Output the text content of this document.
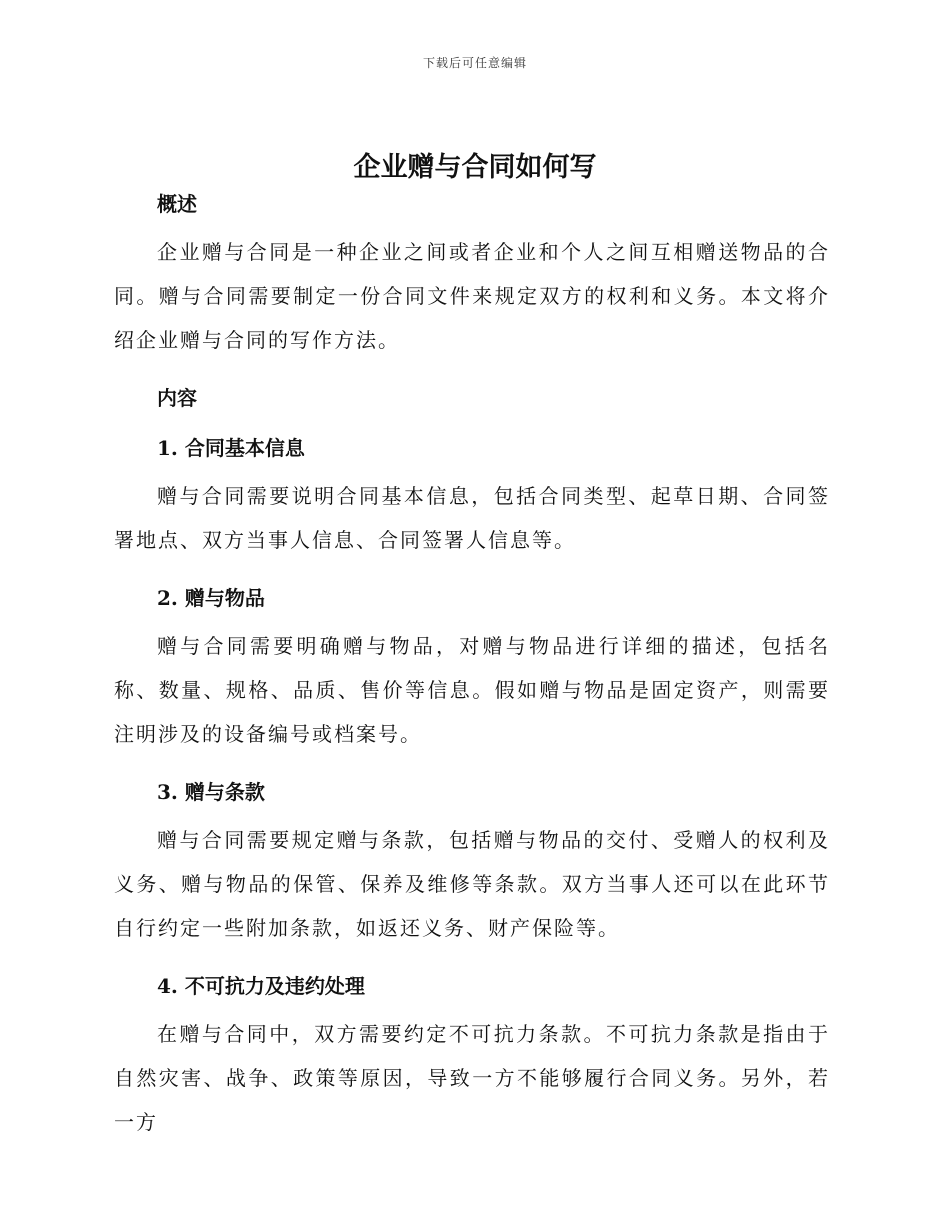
下载后可任意编辑
企业赠与合同如何写
概述

企业赠与合同是一种企业之间或者企业和个人之间互相赠送物品的合同。赠与合同需要制定一份合同文件来规定双方的权利和义务。本文将介绍企业赠与合同的写作方法。

内容
1. 合同基本信息

赠与合同需要说明合同基本信息，包括合同类型、起草日期、合同签署地点、双方当事人信息、合同签署人信息等。

2. 赠与物品

赠与合同需要明确赠与物品，对赠与物品进行详细的描述，包括名称、数量、规格、品质、售价等信息。假如赠与物品是固定资产，则需要注明涉及的设备编号或档案号。

3. 赠与条款

赠与合同需要规定赠与条款，包括赠与物品的交付、受赠人的权利及义务、赠与物品的保管、保养及维修等条款。双方当事人还可以在此环节自行约定一些附加条款，如返还义务、财产保险等。

4. 不可抗力及违约处理

在赠与合同中，双方需要约定不可抗力条款。不可抗力条款是指由于自然灾害、战争、政策等原因，导致一方不能够履行合同义务。另外，若一方
